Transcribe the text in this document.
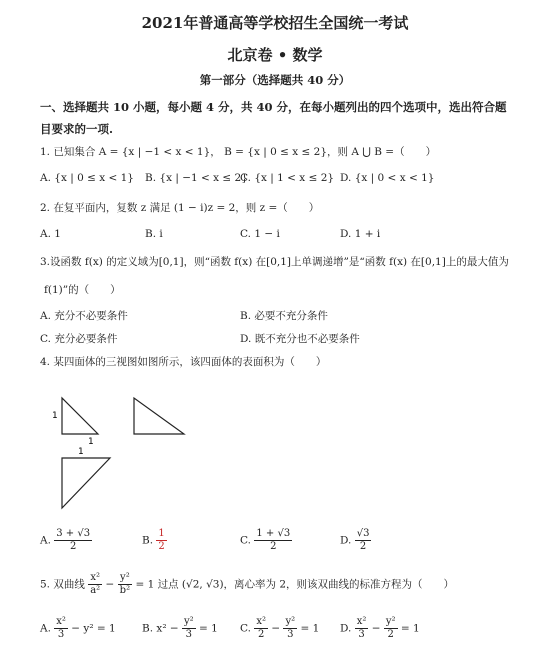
2021年普通高等学校招生全国统一考试
北京卷 • 数学
第一部分（选择题共 40 分）
一、选择题共 10 小题，每小题 4 分，共 40 分，在每小题列出的四个选项中，选出符合题目要求的一项.
1. 已知集合 A = {x | −1 < x < 1}， B = {x | 0 ≤ x ≤ 2}，则 A ⋃ B =（　　）
A. {x | 0 ≤ x < 1} B. {x | −1 < x ≤ 2}
C. {x | 1 < x ≤ 2} D. {x | 0 < x < 1}
2. 在复平面内，复数 z 满足 (1 − i)z = 2，则 z =（　　）
A. 1	B. i	C. 1 − i	D. 1 + i
3.设函数 f(x) 的定义域为[0,1]，则“函数 f(x) 在[0,1]上单调递增”是“函数 f(x) 在[0,1]上的最大值为
f(1)”的（　　）
A. 充分不必要条件	B. 必要不充分条件
C. 充分必要条件	D. 既不充分也不必要条件
4. 某四面体的三视图如图所示，该四面体的表面积为（　　）
1
1
1
A. $\frac{3 + √3}{2}$	B. $\frac{1}{2}$	C. $\frac{1 + √3}{2}$	D. $\frac{√3}{2}$
5. 双曲线 $\frac{\text{x²}}{\text{a²}} - \frac{\text{y²}}{\text{b²}} = 1$ 过点 (√2, √3)，离心率为 2，则该双曲线的标准方程为（　　）
A. $\frac{\text{x²}}{3} - y^2 = 1$	B. $x^2 - \frac{\text{y²}}{3} = 1$ C. $\frac{\text{x²}}{2} - \frac{\text{y²}}{3} = 1$ D. $\frac{\text{x²}}{3} - \frac{\text{y²}}{2} = 1$
